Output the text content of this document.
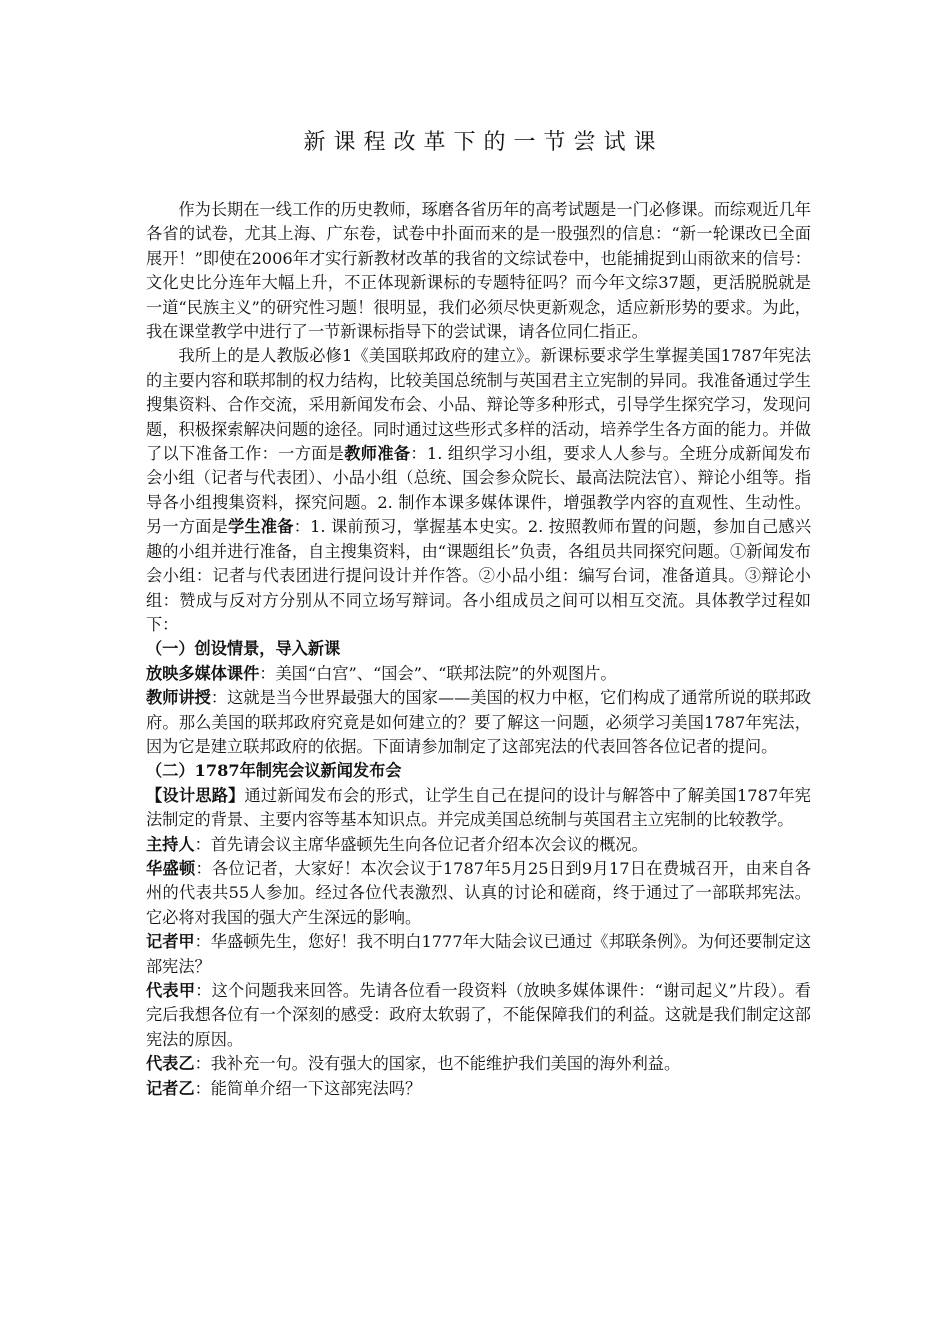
新课程改革下的一节尝试课

作为长期在一线工作的历史教师，琢磨各省历年的高考试题是一门必修课。而综观近几年各省的试卷，尤其上海、广东卷，试卷中扑面而来的是一股强烈的信息：“新一轮课改已全面展开！”即使在2006年才实行新教材改革的我省的文综试卷中，也能捕捉到山雨欲来的信号：文化史比分连年大幅上升，不正体现新课标的专题特征吗？而今年文综37题，更活脱脱就是一道“民族主义”的研究性习题！很明显，我们必须尽快更新观念，适应新形势的要求。为此，我在课堂教学中进行了一节新课标指导下的尝试课，请各位同仁指正。

我所上的是人教版必修1《美国联邦政府的建立》。新课标要求学生掌握美国1787年宪法的主要内容和联邦制的权力结构，比较美国总统制与英国君主立宪制的异同。我准备通过学生搜集资料、合作交流，采用新闻发布会、小品、辩论等多种形式，引导学生探究学习，发现问题，积极探索解决问题的途径。同时通过这些形式多样的活动，培养学生各方面的能力。并做了以下准备工作：一方面是教师准备：1. 组织学习小组，要求人人参与。全班分成新闻发布会小组（记者与代表团）、小品小组（总统、国会参众院长、最高法院法官）、辩论小组等。指导各小组搜集资料，探究问题。2. 制作本课多媒体课件，增强教学内容的直观性、生动性。另一方面是学生准备：1. 课前预习，掌握基本史实。2. 按照教师布置的问题，参加自己感兴趣的小组并进行准备，自主搜集资料，由“课题组长”负责，各组员共同探究问题。①新闻发布会小组：记者与代表团进行提问设计并作答。②小品小组：编写台词，准备道具。③辩论小组：赞成与反对方分别从不同立场写辩词。各小组成员之间可以相互交流。具体教学过程如下：

（一）创设情景，导入新课

放映多媒体课件：美国“白宫”、“国会”、“联邦法院”的外观图片。

教师讲授：这就是当今世界最强大的国家——美国的权力中枢，它们构成了通常所说的联邦政府。那么美国的联邦政府究竟是如何建立的？要了解这一问题，必须学习美国1787年宪法，因为它是建立联邦政府的依据。下面请参加制定了这部宪法的代表回答各位记者的提问。

（二）1787年制宪会议新闻发布会

【设计思路】通过新闻发布会的形式，让学生自己在提问的设计与解答中了解美国1787年宪法制定的背景、主要内容等基本知识点。并完成美国总统制与英国君主立宪制的比较教学。

主持人：首先请会议主席华盛顿先生向各位记者介绍本次会议的概况。

华盛顿：各位记者，大家好！本次会议于1787年5月25日到9月17日在费城召开，由来自各州的代表共55人参加。经过各位代表激烈、认真的讨论和磋商，终于通过了一部联邦宪法。它必将对我国的强大产生深远的影响。

记者甲：华盛顿先生，您好！我不明白1777年大陆会议已通过《邦联条例》。为何还要制定这部宪法？

代表甲：这个问题我来回答。先请各位看一段资料（放映多媒体课件：“谢司起义”片段）。看完后我想各位有一个深刻的感受：政府太软弱了，不能保障我们的利益。这就是我们制定这部宪法的原因。

代表乙：我补充一句。没有强大的国家，也不能维护我们美国的海外利益。

记者乙：能简单介绍一下这部宪法吗？
